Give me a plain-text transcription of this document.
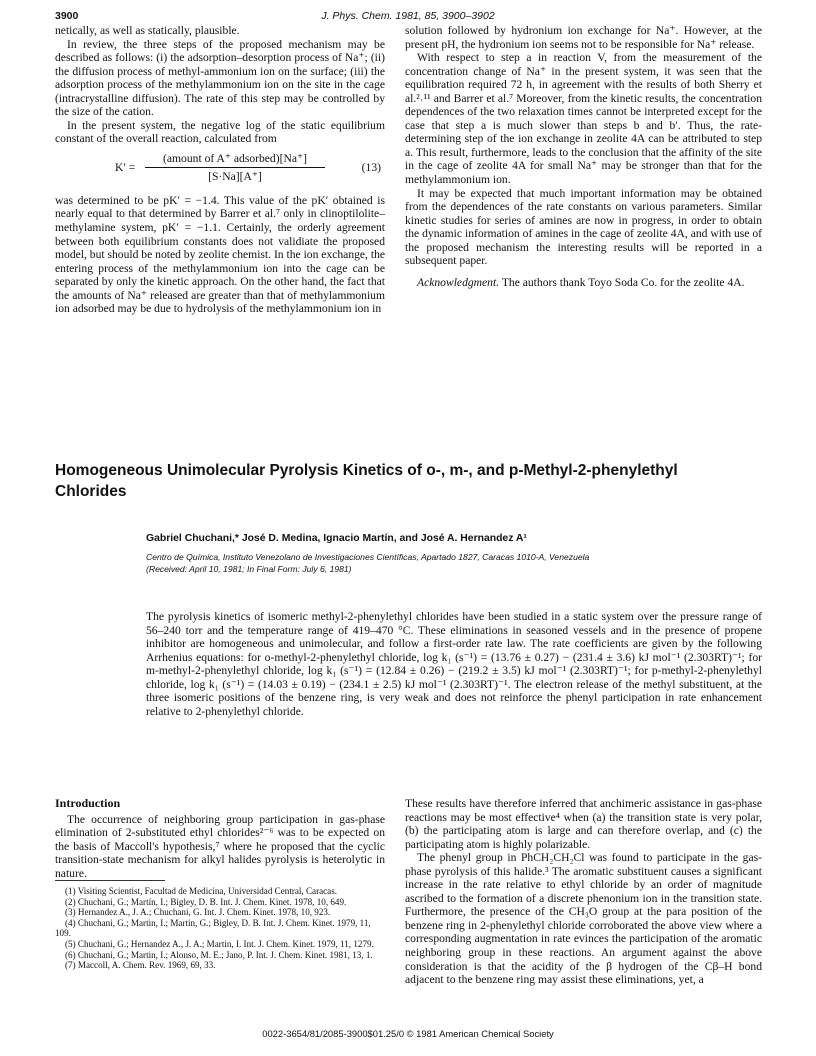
3900	J. Phys. Chem. 1981, 85, 3900–3902

netically, as well as statically, plausible.

In review, the three steps of the proposed mechanism may be described as follows: (i) the adsorption–desorption process of Na⁺; (ii) the diffusion process of methyl-ammonium ion on the surface; (iii) the adsorption process of the methylammonium ion on the site in the cage (intracrystalline diffusion). The rate of this step may be controlled by the size of the cation.

In the present system, the negative log of the static equilibrium constant of the overall reaction, calculated from

K′ =
(amount of A⁺ adsorbed)[Na⁺]
[S·Na][A⁺]
(13)

was determined to be pK′ = −1.4. This value of the pK′ obtained is nearly equal to that determined by Barrer et al.⁷ only in clinoptilolite–methylamine system, pK′ = −1.1. Certainly, the orderly agreement between both equilibrium constants does not validiate the proposed model, but should be noted by zeolite chemist. In the ion exchange, the entering process of the methylammonium ion into the cage can be separated by only the kinetic approach. On the other hand, the fact that the amounts of Na⁺ released are greater than that of methylammonium ion adsorbed may be due to hydrolysis of the methylammonium ion in

solution followed by hydronium ion exchange for Na⁺. However, at the present pH, the hydronium ion seems not to be responsible for Na⁺ release.

With respect to step a in reaction V, from the measurement of the concentration change of Na⁺ in the present system, it was seen that the equilibration required 72 h, in agreement with the results of both Sherry et al.²˒¹¹ and Barrer et al.⁷ Moreover, from the kinetic results, the concentration dependences of the two relaxation times cannot be interpreted except for the case that step a is much slower than steps b and b′. Thus, the rate-determining step of the ion exchange in zeolite 4A can be attributed to step a. This result, furthermore, leads to the conclusion that the affinity of the site in the cage of zeolite 4A for small Na⁺ may be stronger than that for the methylammonium ion.

It may be expected that much important information may be obtained from the dependences of the rate constants on various parameters. Similar kinetic studies for series of amines are now in progress, in order to obtain the dynamic information of amines in the cage of zeolite 4A, and with use of the proposed mechanism the interesting results will be reported in a subsequent paper.

Acknowledgment. The authors thank Toyo Soda Co. for the zeolite 4A.

Homogeneous Unimolecular Pyrolysis Kinetics of o-, m-, and p-Methyl-2-phenylethyl
Chlorides
Gabriel Chuchani,* José D. Medina, Ignacio Martín, and José A. Hernandez A¹
Centro de Química, Instituto Venezolano de Investigaciones Científicas, Apartado 1827, Caracas 1010-A, Venezuela
(Received: April 10, 1981; In Final Form: July 6, 1981)
The pyrolysis kinetics of isomeric methyl-2-phenylethyl chlorides have been studied in a static system over the pressure range of 56–240 torr and the temperature range of 419–470 °C. These eliminations in seasoned vessels and in the presence of propene inhibitor are homogeneous and unimolecular, and follow a first-order rate law. The rate coefficients are given by the following Arrhenius equations: for o-methyl-2-phenylethyl chloride, log k₁ (s⁻¹) = (13.76 ± 0.27) − (231.4 ± 3.6) kJ mol⁻¹ (2.303RT)⁻¹; for m-methyl-2-phenylethyl chloride, log k₁ (s⁻¹) = (12.84 ± 0.26) − (219.2 ± 3.5) kJ mol⁻¹ (2.303RT)⁻¹; for p-methyl-2-phenylethyl chloride, log k₁ (s⁻¹) = (14.03 ± 0.19) − (234.1 ± 2.5) kJ mol⁻¹ (2.303RT)⁻¹. The electron release of the methyl substituent, at the three isomeric positions of the benzene ring, is very weak and does not reinforce the phenyl participation in rate enhancement relative to 2-phenylethyl chloride.
Introduction

The occurrence of neighboring group participation in gas-phase elimination of 2-substituted ethyl chlorides²⁻⁶ was to be expected on the basis of Maccoll's hypothesis,⁷ where he proposed that the cyclic transition-state mechanism for alkyl halides pyrolysis is heterolytic in nature.

(1) Visiting Scientist, Facultad de Medicina, Universidad Central, Caracas.
(2) Chuchani, G.; Martín, I.; Bigley, D. B. Int. J. Chem. Kinet. 1978, 10, 649.
(3) Hernandez A., J. A.; Chuchani, G. Int. J. Chem. Kinet. 1978, 10, 923.
(4) Chuchani, G.; Martin, I.; Martin, G.; Bigley, D. B. Int. J. Chem. Kinet. 1979, 11, 109.
(5) Chuchani, G.; Hernandez A., J. A.; Martin, I. Int. J. Chem. Kinet. 1979, 11, 1279.
(6) Chuchani, G.; Martin, I.; Alonso, M. E.; Jano, P. Int. J. Chem. Kinet. 1981, 13, 1.
(7) Maccoll, A. Chem. Rev. 1969, 69, 33.

These results have therefore inferred that anchimeric assistance in gas-phase reactions may be most effective⁴ when (a) the transition state is very polar, (b) the participating atom is large and can therefore overlap, and (c) the participating atom is highly polarizable.

The phenyl group in PhCH₂CH₂Cl was found to participate in the gas-phase pyrolysis of this halide.³ The aromatic substituent causes a significant increase in the rate relative to ethyl chloride by an order of magnitude ascribed to the formation of a discrete phenonium ion in the transition state. Furthermore, the presence of the CH₃O group at the para position of the benzene ring in 2-phenylethyl chloride corroborated the above view where a corresponding augmentation in rate evinces the participation of the aromatic neighboring group in these reactions. An argument against the above consideration is that the acidity of the β hydrogen of the Cβ–H bond adjacent to the benzene ring may assist these eliminations, yet, a

0022-3654/81/2085-3900$01.25/0 © 1981 American Chemical Society
